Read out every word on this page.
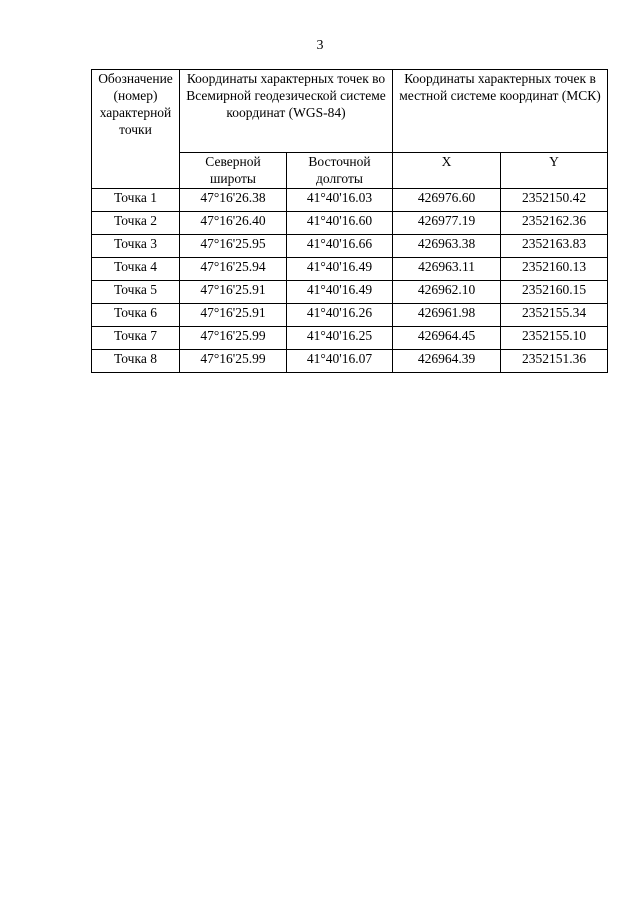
3
Обозначение (номер) характерной точки	Координаты характерных точек во Всемирной геодезической системе координат (WGS-84)		Координаты характерных точек в местной системе координат (МСК)	
	Северной широты	Восточной долготы	X	Y
Точка 1	47°16'26.38	41°40'16.03	426976.60	2352150.42
Точка 2	47°16'26.40	41°40'16.60	426977.19	2352162.36
Точка 3	47°16'25.95	41°40'16.66	426963.38	2352163.83
Точка 4	47°16'25.94	41°40'16.49	426963.11	2352160.13
Точка 5	47°16'25.91	41°40'16.49	426962.10	2352160.15
Точка 6	47°16'25.91	41°40'16.26	426961.98	2352155.34
Точка 7	47°16'25.99	41°40'16.25	426964.45	2352155.10
Точка 8	47°16'25.99	41°40'16.07	426964.39	2352151.36
